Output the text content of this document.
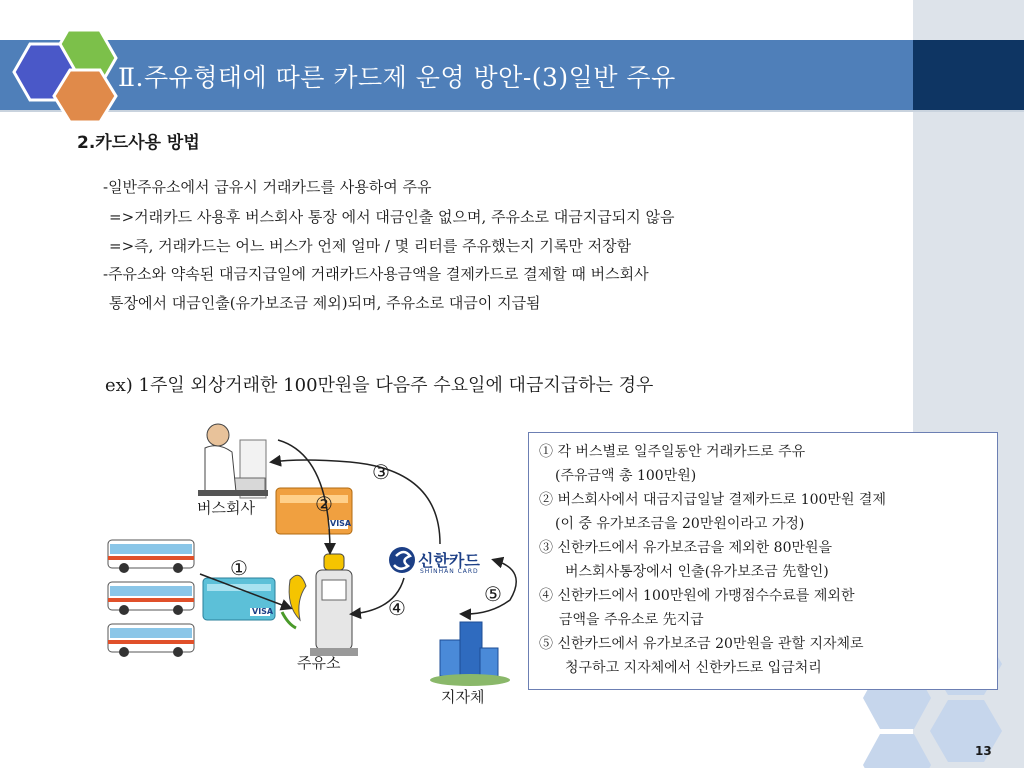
Ⅱ.주유형태에 따른 카드제 운영 방안-(3)일반 주유
2.카드사용 방법
-일반주유소에서 급유시 거래카드를 사용하여 주유
=>거래카드 사용후 버스회사 통장 에서 대금인출 없으며, 주유소로 대금지급되지 않음
=>즉, 거래카드는 어느 버스가 언제 얼마 / 몇 리터를 주유했는지 기록만 저장함
-주유소와 약속된 대금지급일에 거래카드사용금액을 결제카드로 결제할 때 버스회사
통장에서 대금인출(유가보조금 제외)되며, 주유소로 대금이 지급됨
ex) 1주일 외상거래한 100만원을 다음주 수요일에 대금지급하는 경우
VISA
VISA
버스회사
주유소
지자체
신한카드
SHINHAN CARD
③
②
①
④
⑤
① 각 버스별로 일주일동안 거래카드로 주유
(주유금액 총 100만원)
② 버스회사에서 대금지급일날 결제카드로 100만원 결제
(이 중 유가보조금을 20만원이라고 가정)
③ 신한카드에서 유가보조금을 제외한 80만원을
버스회사통장에서 인출(유가보조금 先할인)
④ 신한카드에서 100만원에 가맹점수수료를 제외한
금액을 주유소로 先지급
⑤ 신한카드에서 유가보조금 20만원을 관할 지자체로
청구하고 지자체에서 신한카드로 입금처리
13
